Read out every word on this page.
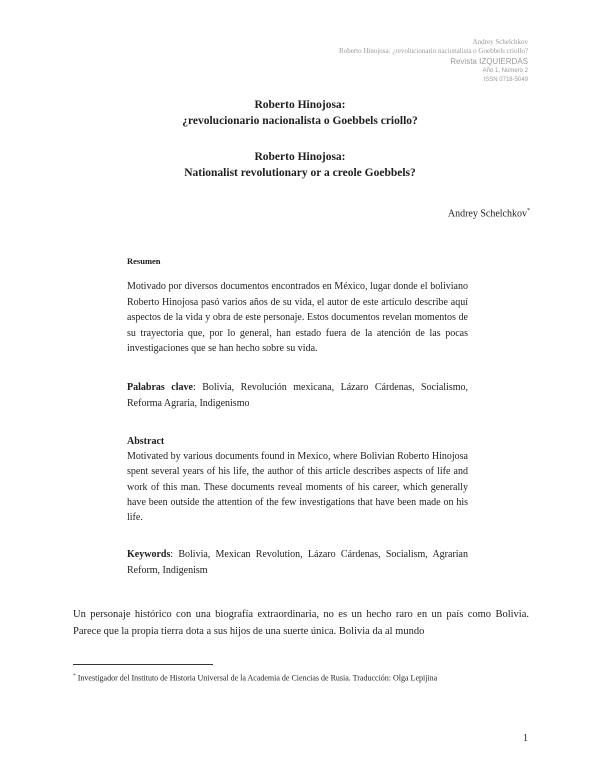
Andrey Schelchkov
Roberto Hinojosa: ¿revolucionario nacionalista o Goebbels criollo?
Revista IZQUIERDAS
Año 1, Número 2
ISSN 0718-5049
Roberto Hinojosa:
¿revolucionario nacionalista o Goebbels criollo?
Roberto Hinojosa:
Nationalist revolutionary or a creole Goebbels?
Andrey Schelchkov*
Resumen
Motivado por diversos documentos encontrados en México, lugar donde el boliviano Roberto Hinojosa pasó varios años de su vida, el autor de este artículo describe aquí aspectos de la vida y obra de este personaje. Estos documentos revelan momentos de su trayectoria que, por lo general, han estado fuera de la atención de las pocas investigaciones que se han hecho sobre su vida.
Palabras clave: Bolivia, Revolución mexicana, Lázaro Cárdenas, Socialismo, Reforma Agraria, Indigenismo
Abstract
Motivated by various documents found in Mexico, where Bolivian Roberto Hinojosa spent several years of his life, the author of this article describes aspects of life and work of this man. These documents reveal moments of his career, which generally have been outside the attention of the few investigations that have been made on his life.
Keywords: Bolivia, Mexican Revolution, Lázaro Cárdenas, Socialism, Agrarian Reform, Indigenism
Un personaje histórico con una biografía extraordinaria, no es un hecho raro en un país como Bolivia. Parece que la propia tierra dota a sus hijos de una suerte única. Bolivia da al mundo
* Investigador del Instituto de Historia Universal de la Academia de Ciencias de Rusia. Traducción: Olga Lepijina
1
